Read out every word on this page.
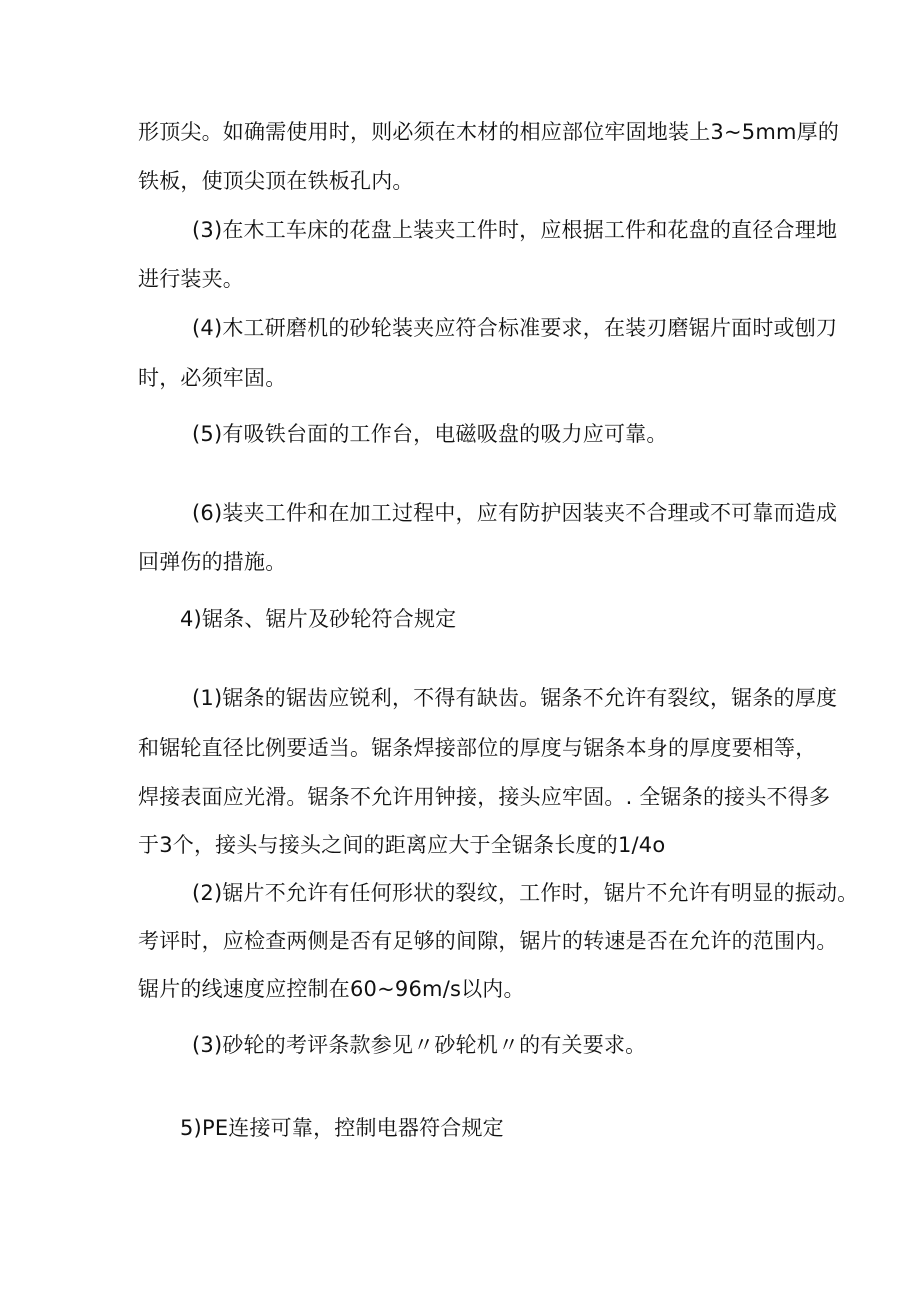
形顶尖。如确需使用时，则必须在木材的相应部位牢固地装上3~5mm厚的
铁板，使顶尖顶在铁板孔内。
(3)在木工车床的花盘上装夹工件时，应根据工件和花盘的直径合理地
进行装夹。
(4)木工研磨机的砂轮装夹应符合标准要求，在装刃磨锯片面时或刨刀
时，必须牢固。
(5)有吸铁台面的工作台，电磁吸盘的吸力应可靠。
(6)装夹工件和在加工过程中，应有防护因装夹不合理或不可靠而造成
回弹伤的措施。
4)锯条、锯片及砂轮符合规定
(1)锯条的锯齿应锐利，不得有缺齿。锯条不允许有裂纹，锯条的厚度
和锯轮直径比例要适当。锯条焊接部位的厚度与锯条本身的厚度要相等，
焊接表面应光滑。锯条不允许用钟接，接头应牢固。. 全锯条的接头不得多
于3个，接头与接头之间的距离应大于全锯条长度的1/4o
(2)锯片不允许有任何形状的裂纹，工作时，锯片不允许有明显的振动。
考评时，应检查两侧是否有足够的间隙，锯片的转速是否在允许的范围内。
锯片的线速度应控制在60~96m/s以内。
(3)砂轮的考评条款参见〃砂轮机〃的有关要求。
5)PE连接可靠，控制电器符合规定
